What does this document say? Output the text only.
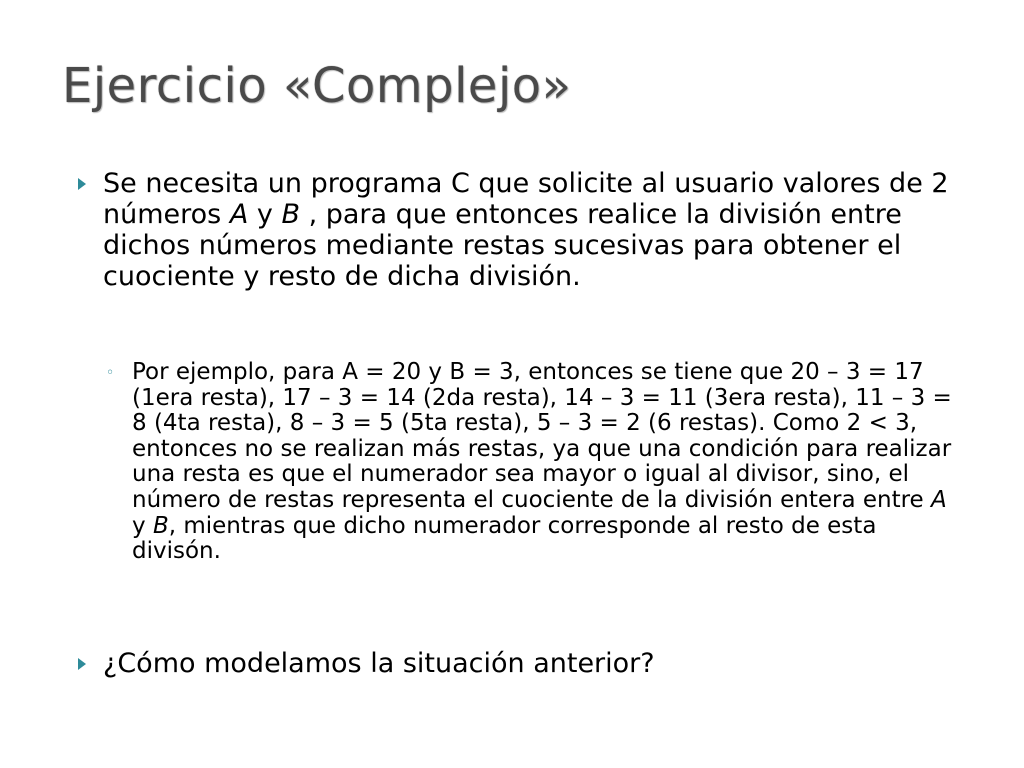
Ejercicio «Complejo»
Se necesita un programa C que solicite al usuario valores de 2 números A y B , para que entonces realice la división entre dichos números mediante restas sucesivas para obtener el cuociente y resto de dicha división.
◦ Por ejemplo, para A = 20 y B = 3, entonces se tiene que 20 – 3 = 17 (1era resta), 17 – 3 = 14 (2da resta), 14 – 3 = 11 (3era resta), 11 – 3 = 8 (4ta resta), 8 – 3 = 5 (5ta resta), 5 – 3 = 2 (6 restas). Como 2 < 3, entonces no se realizan más restas, ya que una condición para realizar una resta es que el numerador sea mayor o igual al divisor, sino, el número de restas representa el cuociente de la división entera entre A y B, mientras que dicho numerador corresponde al resto de esta divisón.
¿Cómo modelamos la situación anterior?
